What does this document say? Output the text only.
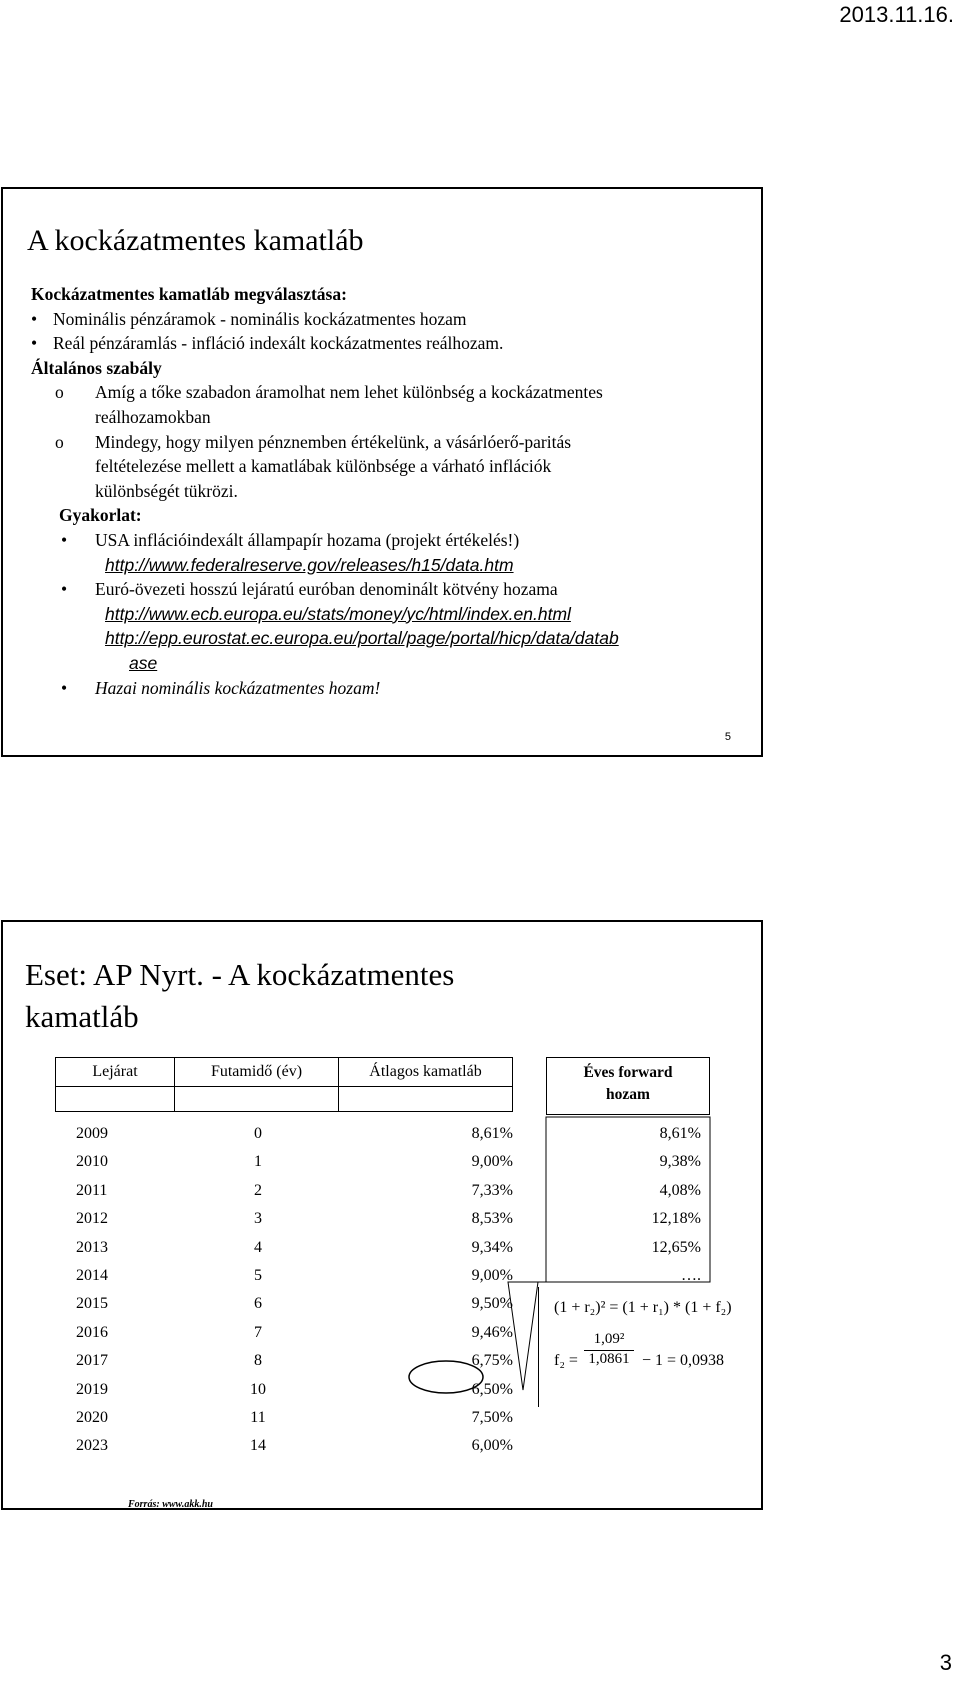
2013.11.16.
A kockázatmentes kamatláb
Kockázatmentes kamatláb megválasztása:
• Nominális pénzáramok - nominális kockázatmentes hozam
• Reál pénzáramlás - infláció indexált kockázatmentes reálhozam.
Általános szabály
o Amíg a tőke szabadon áramolhat nem lehet különbség a kockázatmentes
reálhozamokban
o Mindegy, hogy milyen pénznemben értékelünk, a vásárlóerő-paritás
feltételezése mellett a kamatlábak különbsége a várható inflációk
különbségét tükrözi.
Gyakorlat:
• USA inflációindexált állampapír hozama (projekt értékelés!)
http://www.federalreserve.gov/releases/h15/data.htm
• Euró-övezeti hosszú lejáratú euróban denominált kötvény hozama
http://www.ecb.europa.eu/stats/money/yc/html/index.en.html
http://epp.eurostat.ec.europa.eu/portal/page/portal/hicp/data/datab
ase
• Hazai nominális kockázatmentes hozam!
5
Eset: AP Nyrt. - A kockázatmentes
kamatláb
Lejárat	Futamidő (év)	Átlagos kamatláb	Éves forward
hozam
2009	0	8,61%	8,61%
2010	1	9,00%	9,38%
2011	2	7,33%	4,08%
2012	3	8,53%	12,18%
2013	4	9,34%	12,65%
2014	5	9,00%	….
2015	6	9,50%
2016	7	9,46%
2017	8	6,75%
2019	10	6,50%
2020	11	7,50%
2023	14	6,00%
(1 + r₂)² = (1 + r₁) * (1 + f₂)
f₂ =	− 1 = 0,0938
$\frac{\text{1,09²}}{1,0861}$
Forrás: www.akk.hu
3
